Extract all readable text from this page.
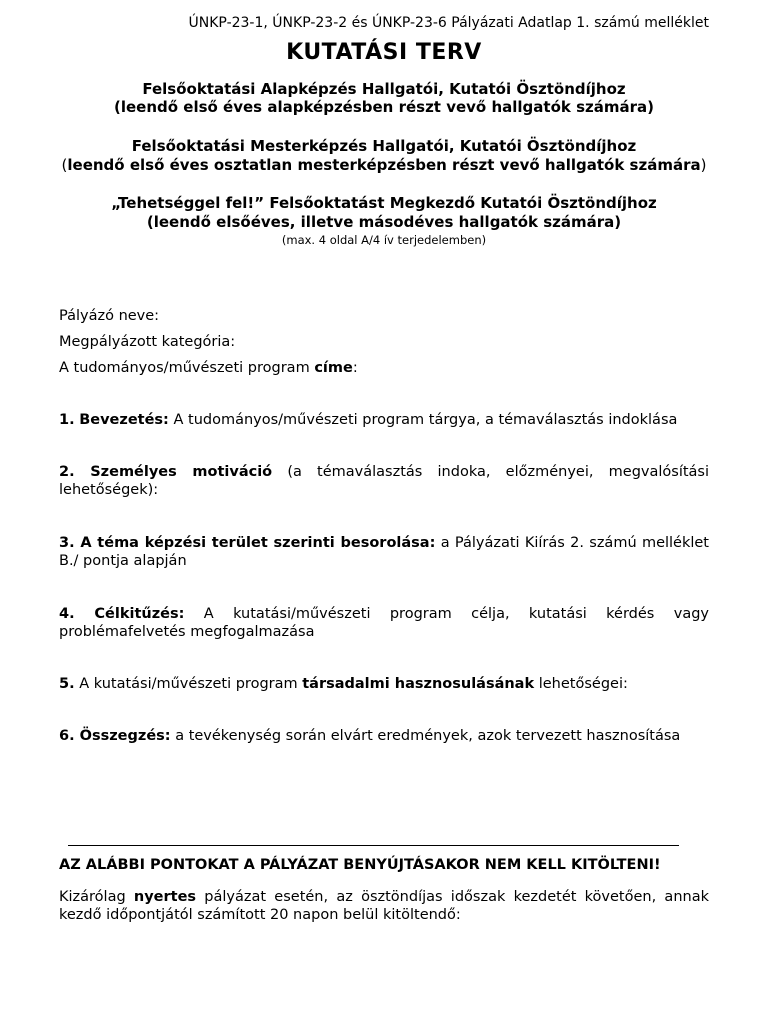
ÚNKP-23-1, ÚNKP-23-2 és ÚNKP-23-6 Pályázati Adatlap 1. számú melléklet
KUTATÁSI TERV
Felsőoktatási Alapképzés Hallgatói, Kutatói Ösztöndíjhoz
(leendő első éves alapképzésben részt vevő hallgatók számára)
Felsőoktatási Mesterképzés Hallgatói, Kutatói Ösztöndíjhoz
(leendő első éves osztatlan mesterképzésben részt vevő hallgatók számára)
„Tehetséggel fel!” Felsőoktatást Megkezdő Kutatói Ösztöndíjhoz
(leendő elsőéves, illetve másodéves hallgatók számára)
(max. 4 oldal A/4 ív terjedelemben)
Pályázó neve:
Megpályázott kategória:
A tudományos/művészeti program címe:
1. Bevezetés: A tudományos/művészeti program tárgya, a témaválasztás indoklása
2. Személyes motiváció (a témaválasztás indoka, előzményei, megvalósítási lehetőségek):
3. A téma képzési terület szerinti besorolása: a Pályázati Kiírás 2. számú melléklet B./ pontja alapján
4. Célkitűzés: A kutatási/művészeti program célja, kutatási kérdés vagy problémafelvetés megfogalmazása
5. A kutatási/művészeti program társadalmi hasznosulásának lehetőségei:
6. Összegzés: a tevékenység során elvárt eredmények, azok tervezett hasznosítása
AZ ALÁBBI PONTOKAT A PÁLYÁZAT BENYÚJTÁSAKOR NEM KELL KITÖLTENI!
Kizárólag nyertes pályázat esetén, az ösztöndíjas időszak kezdetét követően, annak kezdő időpontjától számított 20 napon belül kitöltendő:
